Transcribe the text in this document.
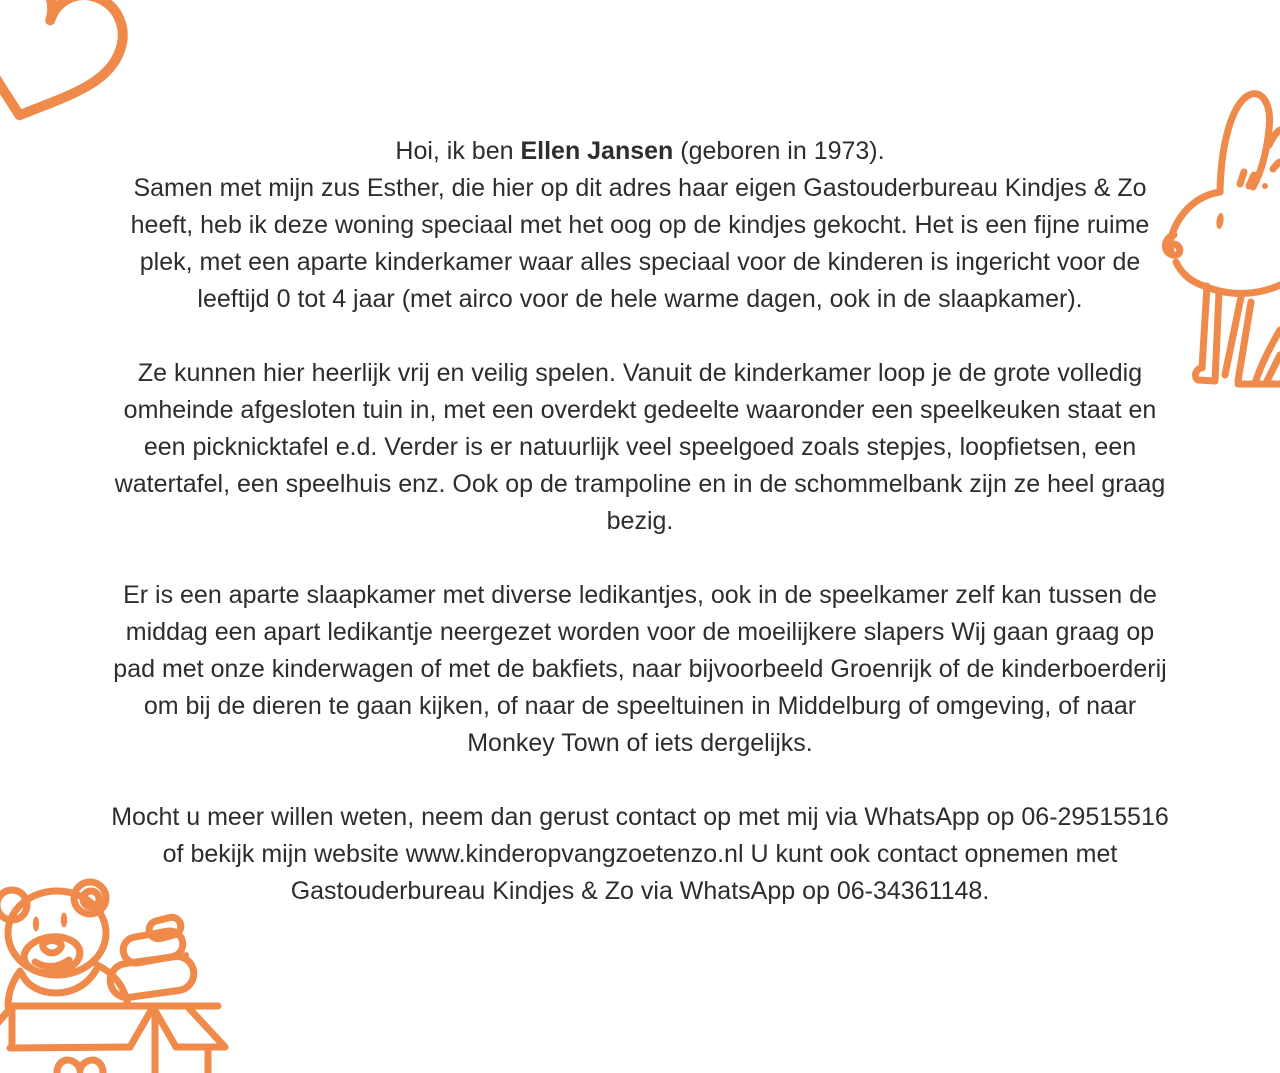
Hoi, ik ben Ellen Jansen (geboren in 1973).

Samen met mijn zus Esther, die hier op dit adres haar eigen Gastouderbureau Kindjes & Zo heeft, heb ik deze woning speciaal met het oog op de kindjes gekocht. Het is een fijne ruime plek, met een aparte kinderkamer waar alles speciaal voor de kinderen is ingericht voor de leeftijd 0 tot 4 jaar (met airco voor de hele warme dagen, ook in de slaapkamer).

Ze kunnen hier heerlijk vrij en veilig spelen. Vanuit de kinderkamer loop je de grote volledig omheinde afgesloten tuin in, met een overdekt gedeelte waaronder een speelkeuken staat en een picknicktafel e.d. Verder is er natuurlijk veel speelgoed zoals stepjes, loopfietsen, een watertafel, een speelhuis enz. Ook op de trampoline en in de schommelbank zijn ze heel graag bezig.

Er is een aparte slaapkamer met diverse ledikantjes, ook in de speelkamer zelf kan tussen de middag een apart ledikantje neergezet worden voor de moeilijkere slapers Wij gaan graag op pad met onze kinderwagen of met de bakfiets, naar bijvoorbeeld Groenrijk of de kinderboerderij om bij de dieren te gaan kijken, of naar de speeltuinen in Middelburg of omgeving, of naar Monkey Town of iets dergelijks.

Mocht u meer willen weten, neem dan gerust contact op met mij via WhatsApp op 06-29515516 of bekijk mijn website www.kinderopvangzoetenzo.nl U kunt ook contact opnemen met Gastouderbureau Kindjes & Zo via WhatsApp op 06-34361148.
